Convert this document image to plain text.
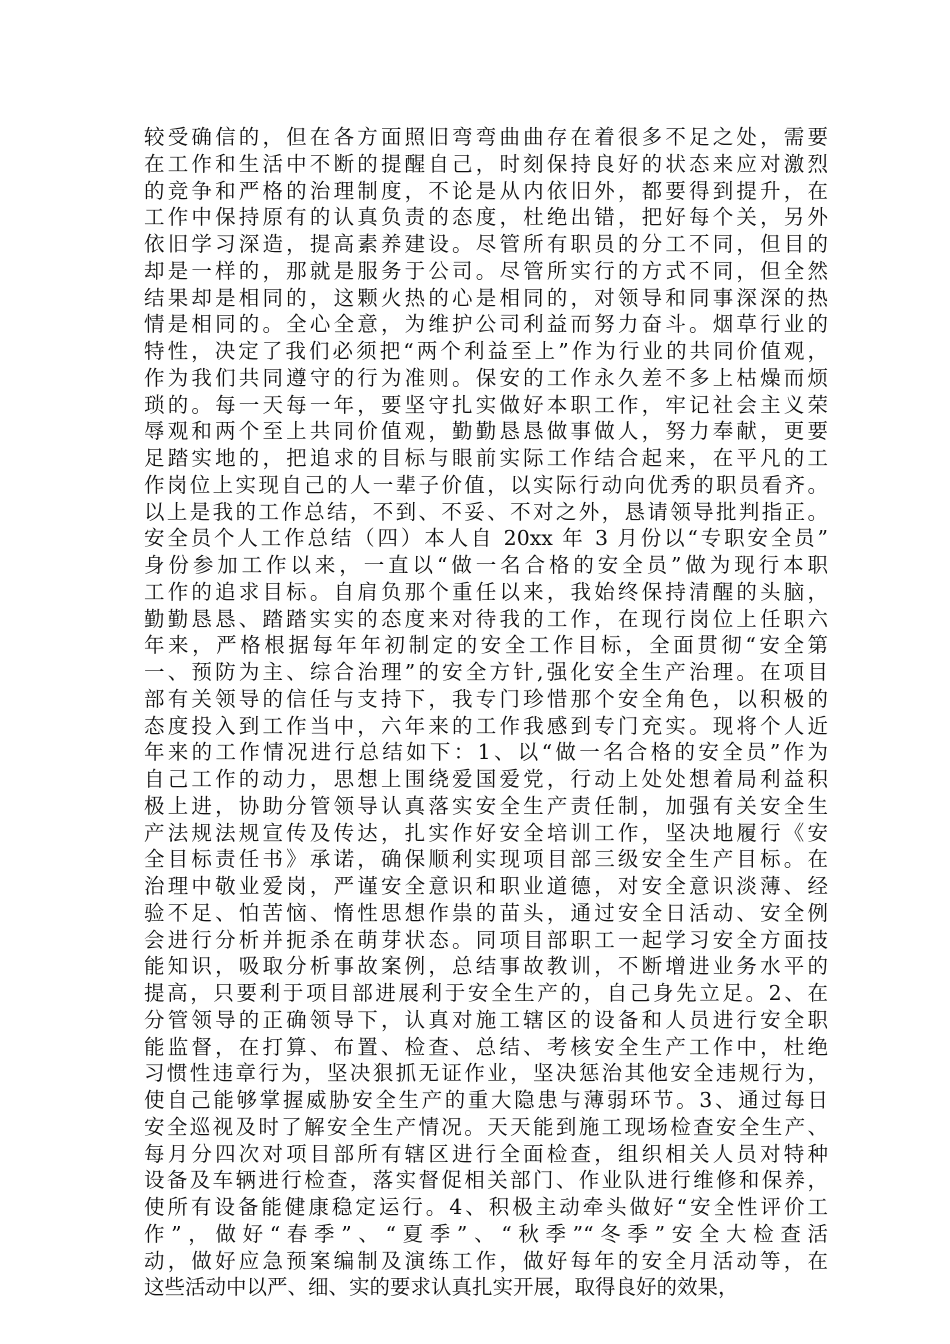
较受确信的，但在各方面照旧弯弯曲曲存在着很多不足之处，需要
在工作和生活中不断的提醒自己，时刻保持良好的状态来应对激烈
的竞争和严格的治理制度，不论是从内依旧外，都要得到提升，在
工作中保持原有的认真负责的态度，杜绝出错，把好每个关，另外
依旧学习深造，提高素养建设。尽管所有职员的分工不同，但目的
却是一样的，那就是服务于公司。尽管所实行的方式不同，但全然
结果却是相同的，这颗火热的心是相同的，对领导和同事深深的热
情是相同的。全心全意，为维护公司利益而努力奋斗。烟草行业的
特性，决定了我们必须把“两个利益至上”作为行业的共同价值观，
作为我们共同遵守的行为准则。保安的工作永久差不多上枯燥而烦
琐的。每一天每一年，要坚守扎实做好本职工作，牢记社会主义荣
辱观和两个至上共同价值观，勤勤恳恳做事做人，努力奉献，更要
足踏实地的，把追求的目标与眼前实际工作结合起来，在平凡的工
作岗位上实现自己的人一辈子价值，以实际行动向优秀的职员看齐。
以上是我的工作总结，不到、不妥、不对之外，恳请领导批判指正。
安全员个人工作总结（四）本人自 20xx 年 3 月份以“专职安全员”
身份参加工作以来，一直以“做一名合格的安全员”做为现行本职
工作的追求目标。自肩负那个重任以来，我始终保持清醒的头脑，
勤勤恳恳、踏踏实实的态度来对待我的工作，在现行岗位上任职六
年来，严格根据每年年初制定的安全工作目标，全面贯彻“安全第
一、预防为主、综合治理”的安全方针,强化安全生产治理。在项目
部有关领导的信任与支持下，我专门珍惜那个安全角色，以积极的
态度投入到工作当中，六年来的工作我感到专门充实。现将个人近
年来的工作情况进行总结如下：1、以“做一名合格的安全员”作为
自己工作的动力，思想上围绕爱国爱党，行动上处处想着局利益积
极上进，协助分管领导认真落实安全生产责任制，加强有关安全生
产法规法规宣传及传达，扎实作好安全培训工作，坚决地履行《安
全目标责任书》承诺，确保顺利实现项目部三级安全生产目标。在
治理中敬业爱岗，严谨安全意识和职业道德，对安全意识淡薄、经
验不足、怕苦恼、惰性思想作祟的苗头，通过安全日活动、安全例
会进行分析并扼杀在萌芽状态。同项目部职工一起学习安全方面技
能知识，吸取分析事故案例，总结事故教训，不断增进业务水平的
提高，只要利于项目部进展利于安全生产的，自己身先立足。2、在
分管领导的正确领导下，认真对施工辖区的设备和人员进行安全职
能监督，在打算、布置、检查、总结、考核安全生产工作中，杜绝
习惯性违章行为，坚决狠抓无证作业，坚决惩治其他安全违规行为，
使自己能够掌握威胁安全生产的重大隐患与薄弱环节。3、通过每日
安全巡视及时了解安全生产情况。天天能到施工现场检查安全生产、
每月分四次对项目部所有辖区进行全面检查，组织相关人员对特种
设备及车辆进行检查，落实督促相关部门、作业队进行维修和保养，
使所有设备能健康稳定运行。4、积极主动牵头做好“安全性评价工
作”，做好“春季”、“夏季”、“秋季”“冬季”安全大检查活
动，做好应急预案编制及演练工作，做好每年的安全月活动等，在
这些活动中以严、细、实的要求认真扎实开展，取得良好的效果，
